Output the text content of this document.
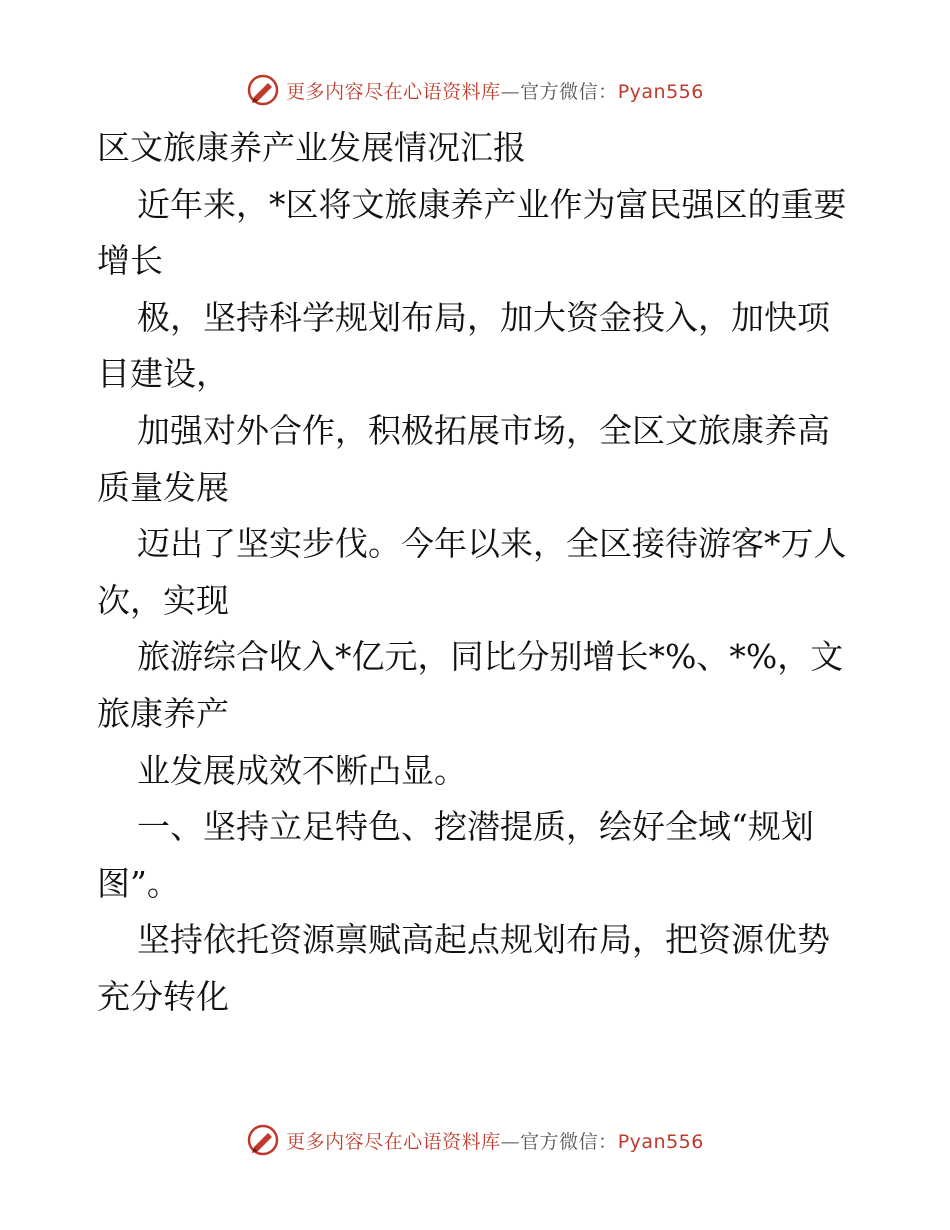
更多内容尽在心语资料库—官方微信：Pyan556

区文旅康养产业发展情况汇报

近年来，*区将文旅康养产业作为富民强区的重要增长

极，坚持科学规划布局，加大资金投入，加快项目建设，

加强对外合作，积极拓展市场，全区文旅康养高质量发展

迈出了坚实步伐。今年以来，全区接待游客*万人次，实现

旅游综合收入*亿元，同比分别增长*%、*%，文旅康养产

业发展成效不断凸显。

一、坚持立足特色、挖潜提质，绘好全域“规划图”。

坚持依托资源禀赋高起点规划布局，把资源优势充分转化

更多内容尽在心语资料库—官方微信：Pyan556
